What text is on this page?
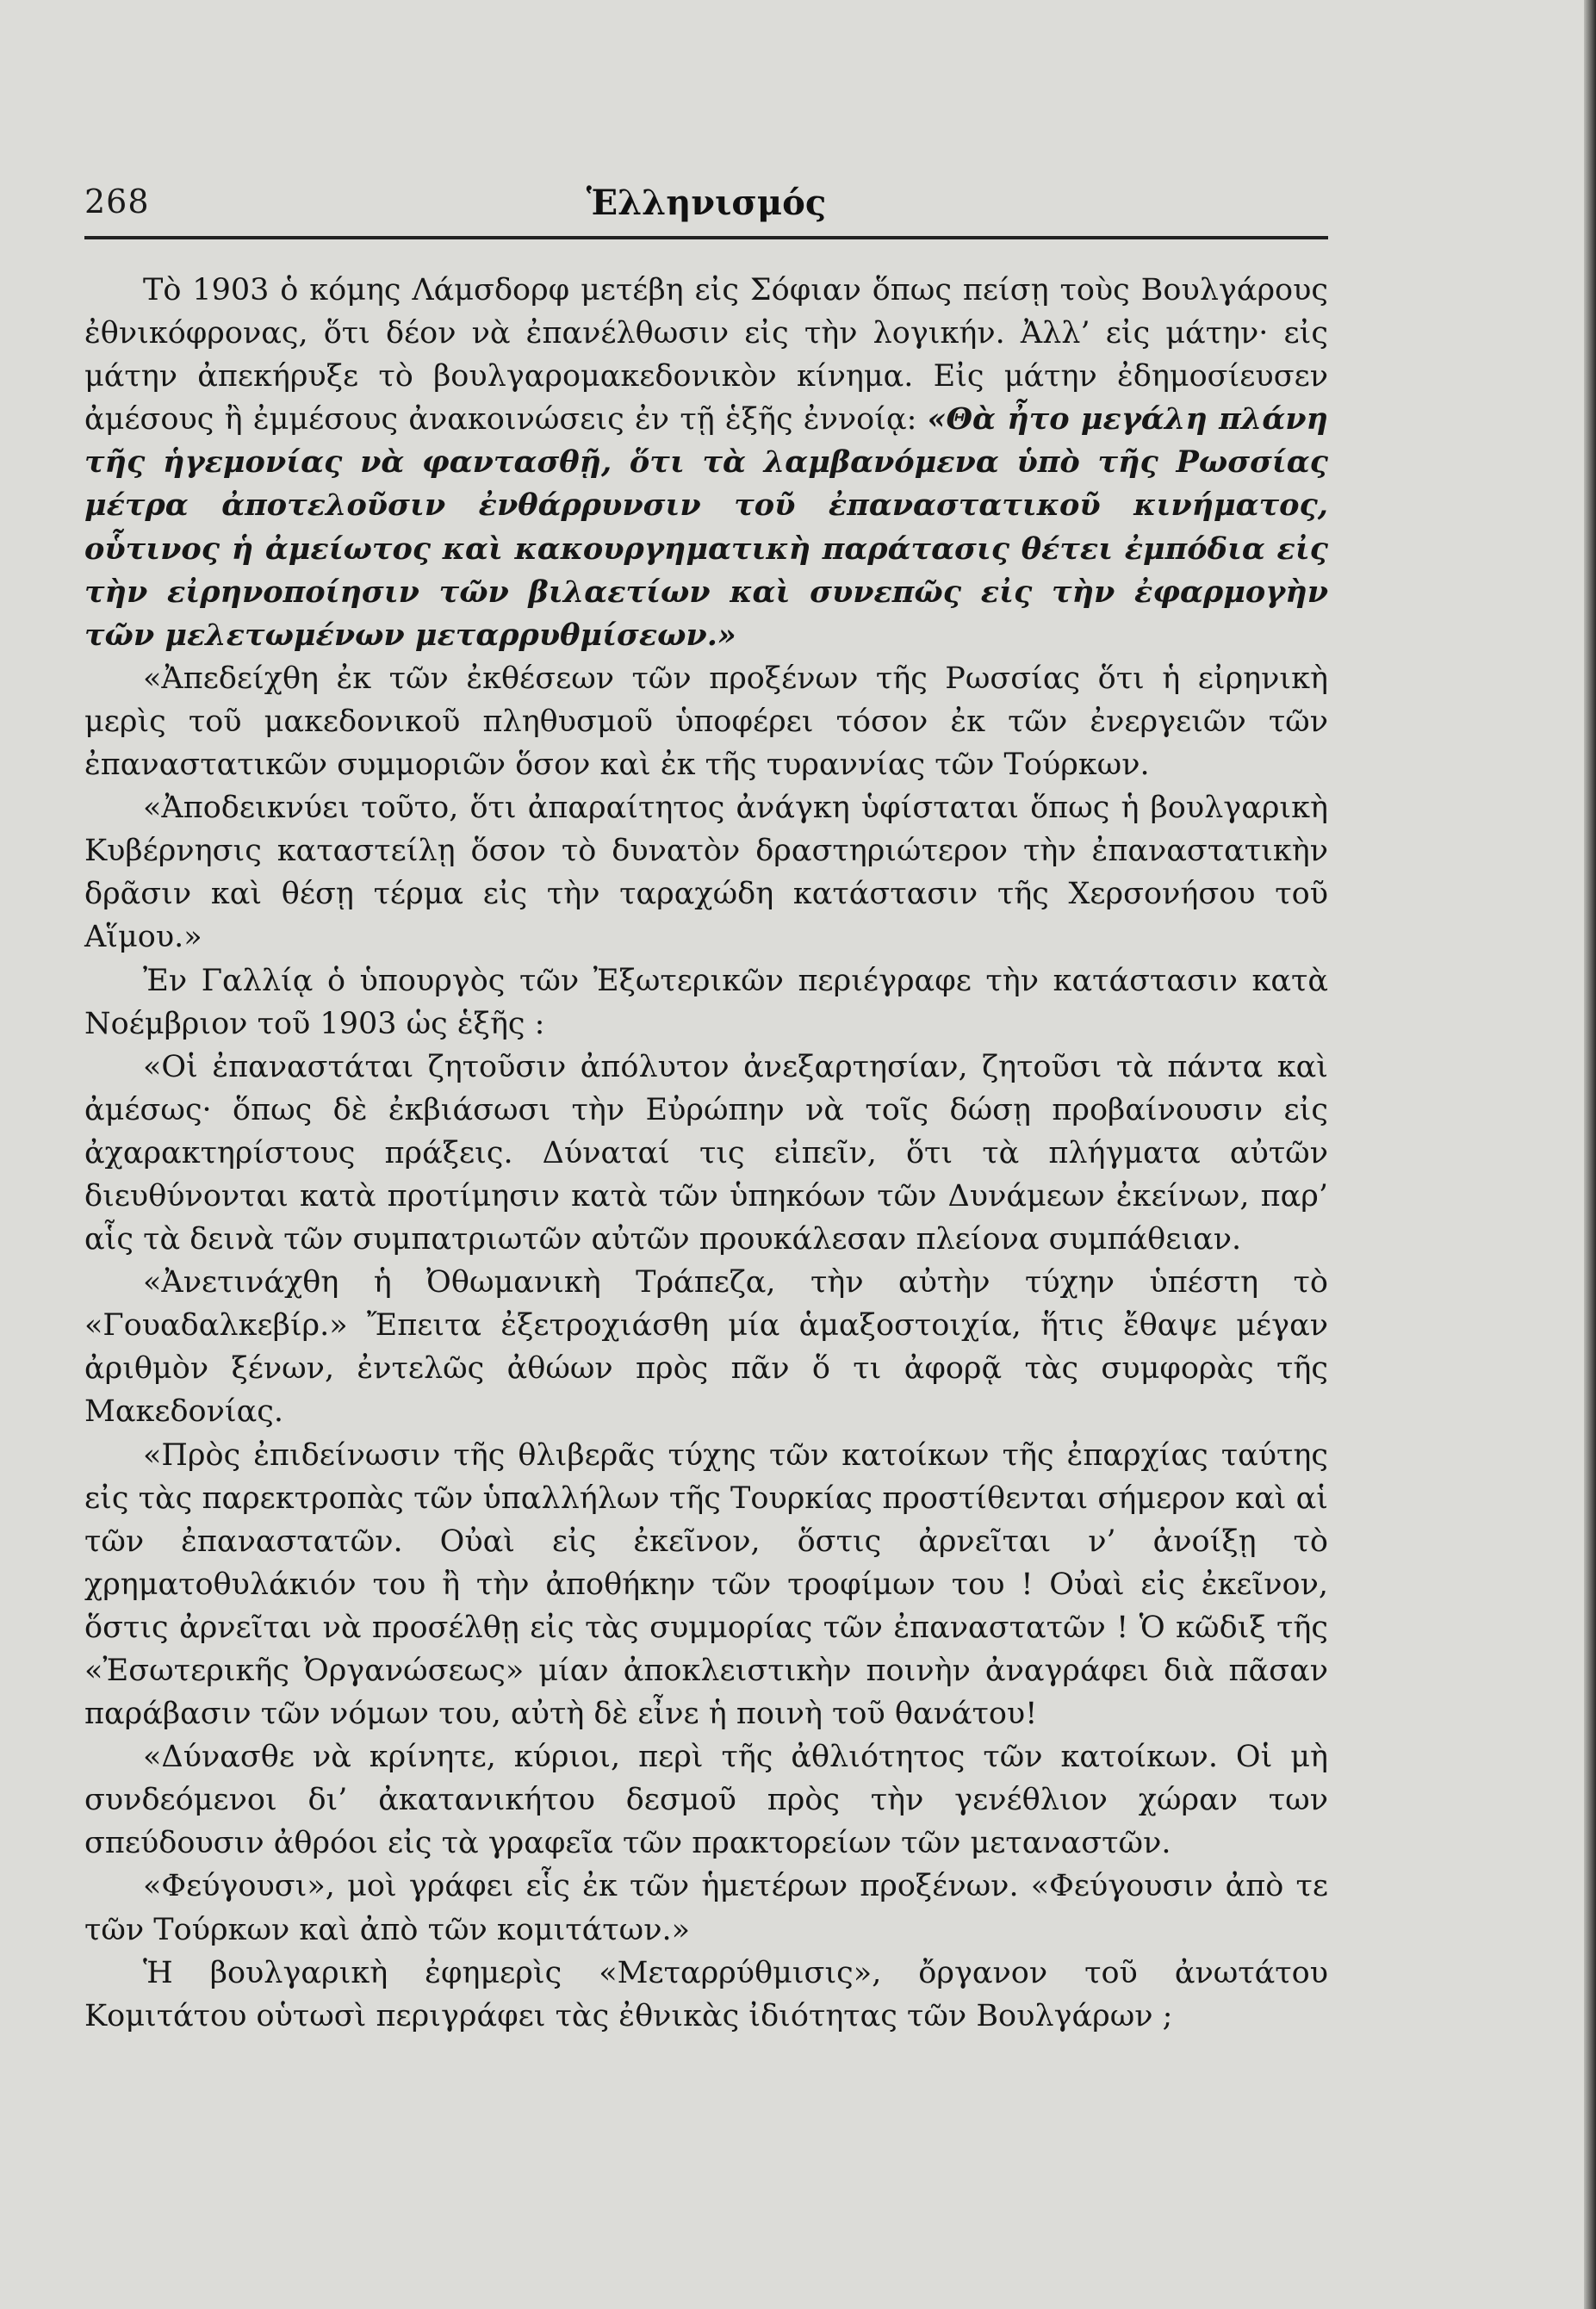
268	Ἑλληνισμός

Τὸ 1903 ὁ κόμης Λάμσδορφ μετέβη εἰς Σόφιαν ὅπως πείσῃ τοὺς Βουλγάρους ἐθνικόφρονας, ὅτι δέον νὰ ἐπανέλθωσιν εἰς τὴν λογικήν. Ἀλλ’ εἰς μάτην· εἰς μάτην ἀπεκήρυξε τὸ βουλγαρομακεδονικὸν κίνημα. Εἰς μάτην ἐδημοσίευσεν ἀμέσους ἢ ἐμμέσους ἀνακοινώσεις ἐν τῇ ἑξῆς ἐννοίᾳ: «Θὰ ἦτο μεγάλη πλάνη τῆς ἡγεμονίας νὰ φαντασθῇ, ὅτι τὰ λαμβανόμενα ὑπὸ τῆς Ρωσσίας μέτρα ἀποτελοῦσιν ἐνθάρρυνσιν τοῦ ἐπαναστατικοῦ κινήματος, οὗτινος ἡ ἀμείωτος καὶ κακουργηματικὴ παράτασις θέτει ἐμπόδια εἰς τὴν εἰρηνοποίησιν τῶν βιλαετίων καὶ συνεπῶς εἰς τὴν ἐφαρμογὴν τῶν μελετωμένων μεταρρυθμίσεων.»

«Ἀπεδείχθη ἐκ τῶν ἐκθέσεων τῶν προξένων τῆς Ρωσσίας ὅτι ἡ εἰρηνικὴ μερὶς τοῦ μακεδονικοῦ πληθυσμοῦ ὑποφέρει τόσον ἐκ τῶν ἐνεργειῶν τῶν ἐπαναστατικῶν συμμοριῶν ὅσον καὶ ἐκ τῆς τυραννίας τῶν Τούρκων.

«Ἀποδεικνύει τοῦτο, ὅτι ἀπαραίτητος ἀνάγκη ὑφίσταται ὅπως ἡ βουλγαρικὴ Κυβέρνησις καταστείλῃ ὅσον τὸ δυνατὸν δραστηριώτερον τὴν ἐπαναστατικὴν δρᾶσιν καὶ θέσῃ τέρμα εἰς τὴν ταραχώδη κατάστασιν τῆς Χερσονήσου τοῦ Αἵμου.»

Ἐν Γαλλίᾳ ὁ ὑπουργὸς τῶν Ἐξωτερικῶν περιέγραφε τὴν κατάστασιν κατὰ Νοέμβριον τοῦ 1903 ὡς ἑξῆς :

«Οἱ ἐπαναστάται ζητοῦσιν ἀπόλυτον ἀνεξαρτησίαν, ζητοῦσι τὰ πάντα καὶ ἀμέσως· ὅπως δὲ ἐκβιάσωσι τὴν Εὐρώπην νὰ τοῖς δώσῃ προβαίνουσιν εἰς ἀχαρακτηρίστους πράξεις. Δύναταί τις εἰπεῖν, ὅτι τὰ πλήγματα αὐτῶν διευθύνονται κατὰ προτίμησιν κατὰ τῶν ὑπηκόων τῶν Δυνάμεων ἐκείνων, παρ’ αἷς τὰ δεινὰ τῶν συμπατριωτῶν αὐτῶν προυκάλεσαν πλείονα συμπάθειαν.

«Ἀνετινάχθη ἡ Ὀθωμανικὴ Τράπεζα, τὴν αὐτὴν τύχην ὑπέστη τὸ «Γουαδαλκεβίρ.» Ἔπειτα ἐξετροχιάσθη μία ἁμαξοστοιχία, ἥτις ἔθαψε μέγαν ἀριθμὸν ξένων, ἐντελῶς ἀθώων πρὸς πᾶν ὅ τι ἀφορᾷ τὰς συμφορὰς τῆς Μακεδονίας.

«Πρὸς ἐπιδείνωσιν τῆς θλιβερᾶς τύχης τῶν κατοίκων τῆς ἐπαρχίας ταύτης εἰς τὰς παρεκτροπὰς τῶν ὑπαλλήλων τῆς Τουρκίας προστίθενται σήμερον καὶ αἱ τῶν ἐπαναστατῶν. Οὐαὶ εἰς ἐκεῖνον, ὅστις ἀρνεῖται ν’ ἀνοίξῃ τὸ χρηματοθυλάκιόν του ἢ τὴν ἀποθήκην τῶν τροφίμων του ! Οὐαὶ εἰς ἐκεῖνον, ὅστις ἀρνεῖται νὰ προσέλθῃ εἰς τὰς συμμορίας τῶν ἐπαναστατῶν ! Ὁ κῶδιξ τῆς «Ἐσωτερικῆς Ὀργανώσεως» μίαν ἀποκλειστικὴν ποινὴν ἀναγράφει διὰ πᾶσαν παράβασιν τῶν νόμων του, αὐτὴ δὲ εἶνε ἡ ποινὴ τοῦ θανάτου!

«Δύνασθε νὰ κρίνητε, κύριοι, περὶ τῆς ἀθλιότητος τῶν κατοίκων. Οἱ μὴ συνδεόμενοι δι’ ἀκατανικήτου δεσμοῦ πρὸς τὴν γενέθλιον χώραν των σπεύδουσιν ἀθρόοι εἰς τὰ γραφεῖα τῶν πρακτορείων τῶν μεταναστῶν.

«Φεύγουσι», μοὶ γράφει εἷς ἐκ τῶν ἡμετέρων προξένων. «Φεύγουσιν ἀπὸ τε τῶν Τούρκων καὶ ἀπὸ τῶν κομιτάτων.»

Ἡ βουλγαρικὴ ἐφημερὶς «Μεταρρύθμισις», ὄργανον τοῦ ἀνωτάτου Κομιτάτου οὑτωσὶ περιγράφει τὰς ἐθνικὰς ἰδιότητας τῶν Βουλγάρων ;
